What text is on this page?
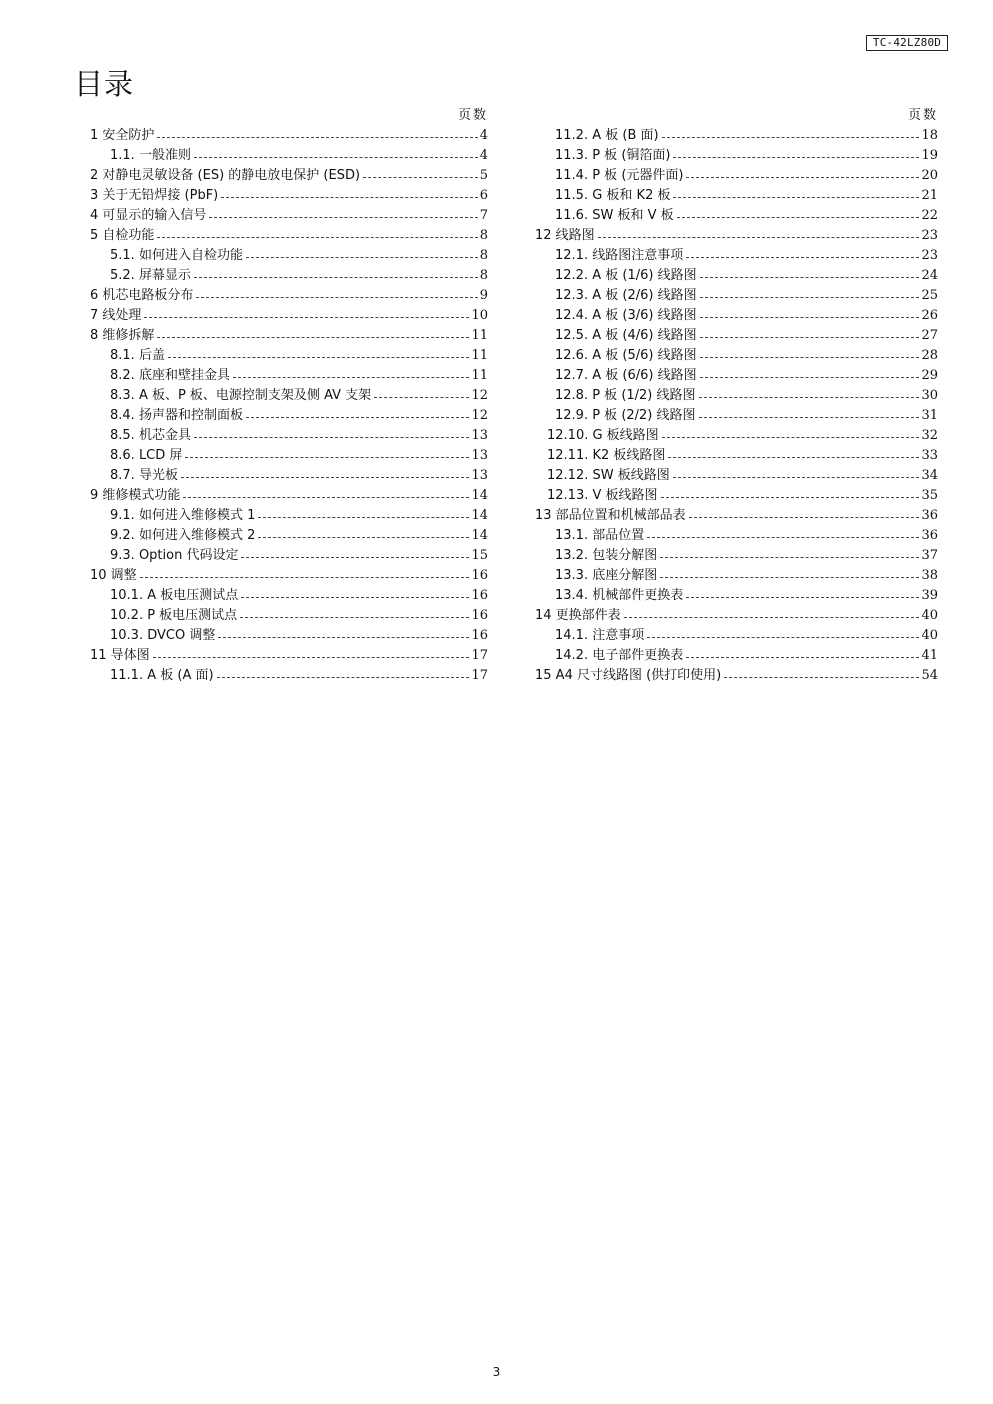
TC-42LZ80D
目录
页数
1 安全防护	4
1.1. 一般准则	4
2 对静电灵敏设备 (ES) 的静电放电保护 (ESD)	5
3 关于无铅焊接 (PbF)	6
4 可显示的输入信号	7
5 自检功能	8
5.1. 如何进入自检功能	8
5.2. 屏幕显示	8
6 机芯电路板分布	9
7 线处理	10
8 维修拆解	11
8.1. 后盖	11
8.2. 底座和壁挂金具	11
8.3. A 板、P 板、电源控制支架及侧 AV 支架	12
8.4. 扬声器和控制面板	12
8.5. 机芯金具	13
8.6. LCD 屏	13
8.7. 导光板	13
9 维修模式功能	14
9.1. 如何进入维修模式 1	14
9.2. 如何进入维修模式 2	14
9.3. Option 代码设定	15
10 调整	16
10.1. A 板电压测试点	16
10.2. P 板电压测试点	16
10.3. DVCO 调整	16
11 导体图	17
11.1. A 板 (A 面)	17
页数
11.2. A 板 (B 面)	18
11.3. P 板 (铜箔面)	19
11.4. P 板 (元器件面)	20
11.5. G 板和 K2 板	21
11.6. SW 板和 V 板	22
12 线路图	23
12.1. 线路图注意事项	23
12.2. A 板 (1/6) 线路图	24
12.3. A 板 (2/6) 线路图	25
12.4. A 板 (3/6) 线路图	26
12.5. A 板 (4/6) 线路图	27
12.6. A 板 (5/6) 线路图	28
12.7. A 板 (6/6) 线路图	29
12.8. P 板 (1/2) 线路图	30
12.9. P 板 (2/2) 线路图	31
12.10. G 板线路图	32
12.11. K2 板线路图	33
12.12. SW 板线路图	34
12.13. V 板线路图	35
13 部品位置和机械部品表	36
13.1. 部品位置	36
13.2. 包装分解图	37
13.3. 底座分解图	38
13.4. 机械部件更换表	39
14 更换部件表	40
14.1. 注意事项	40
14.2. 电子部件更换表	41
15 A4 尺寸线路图 (供打印使用)	54
3
